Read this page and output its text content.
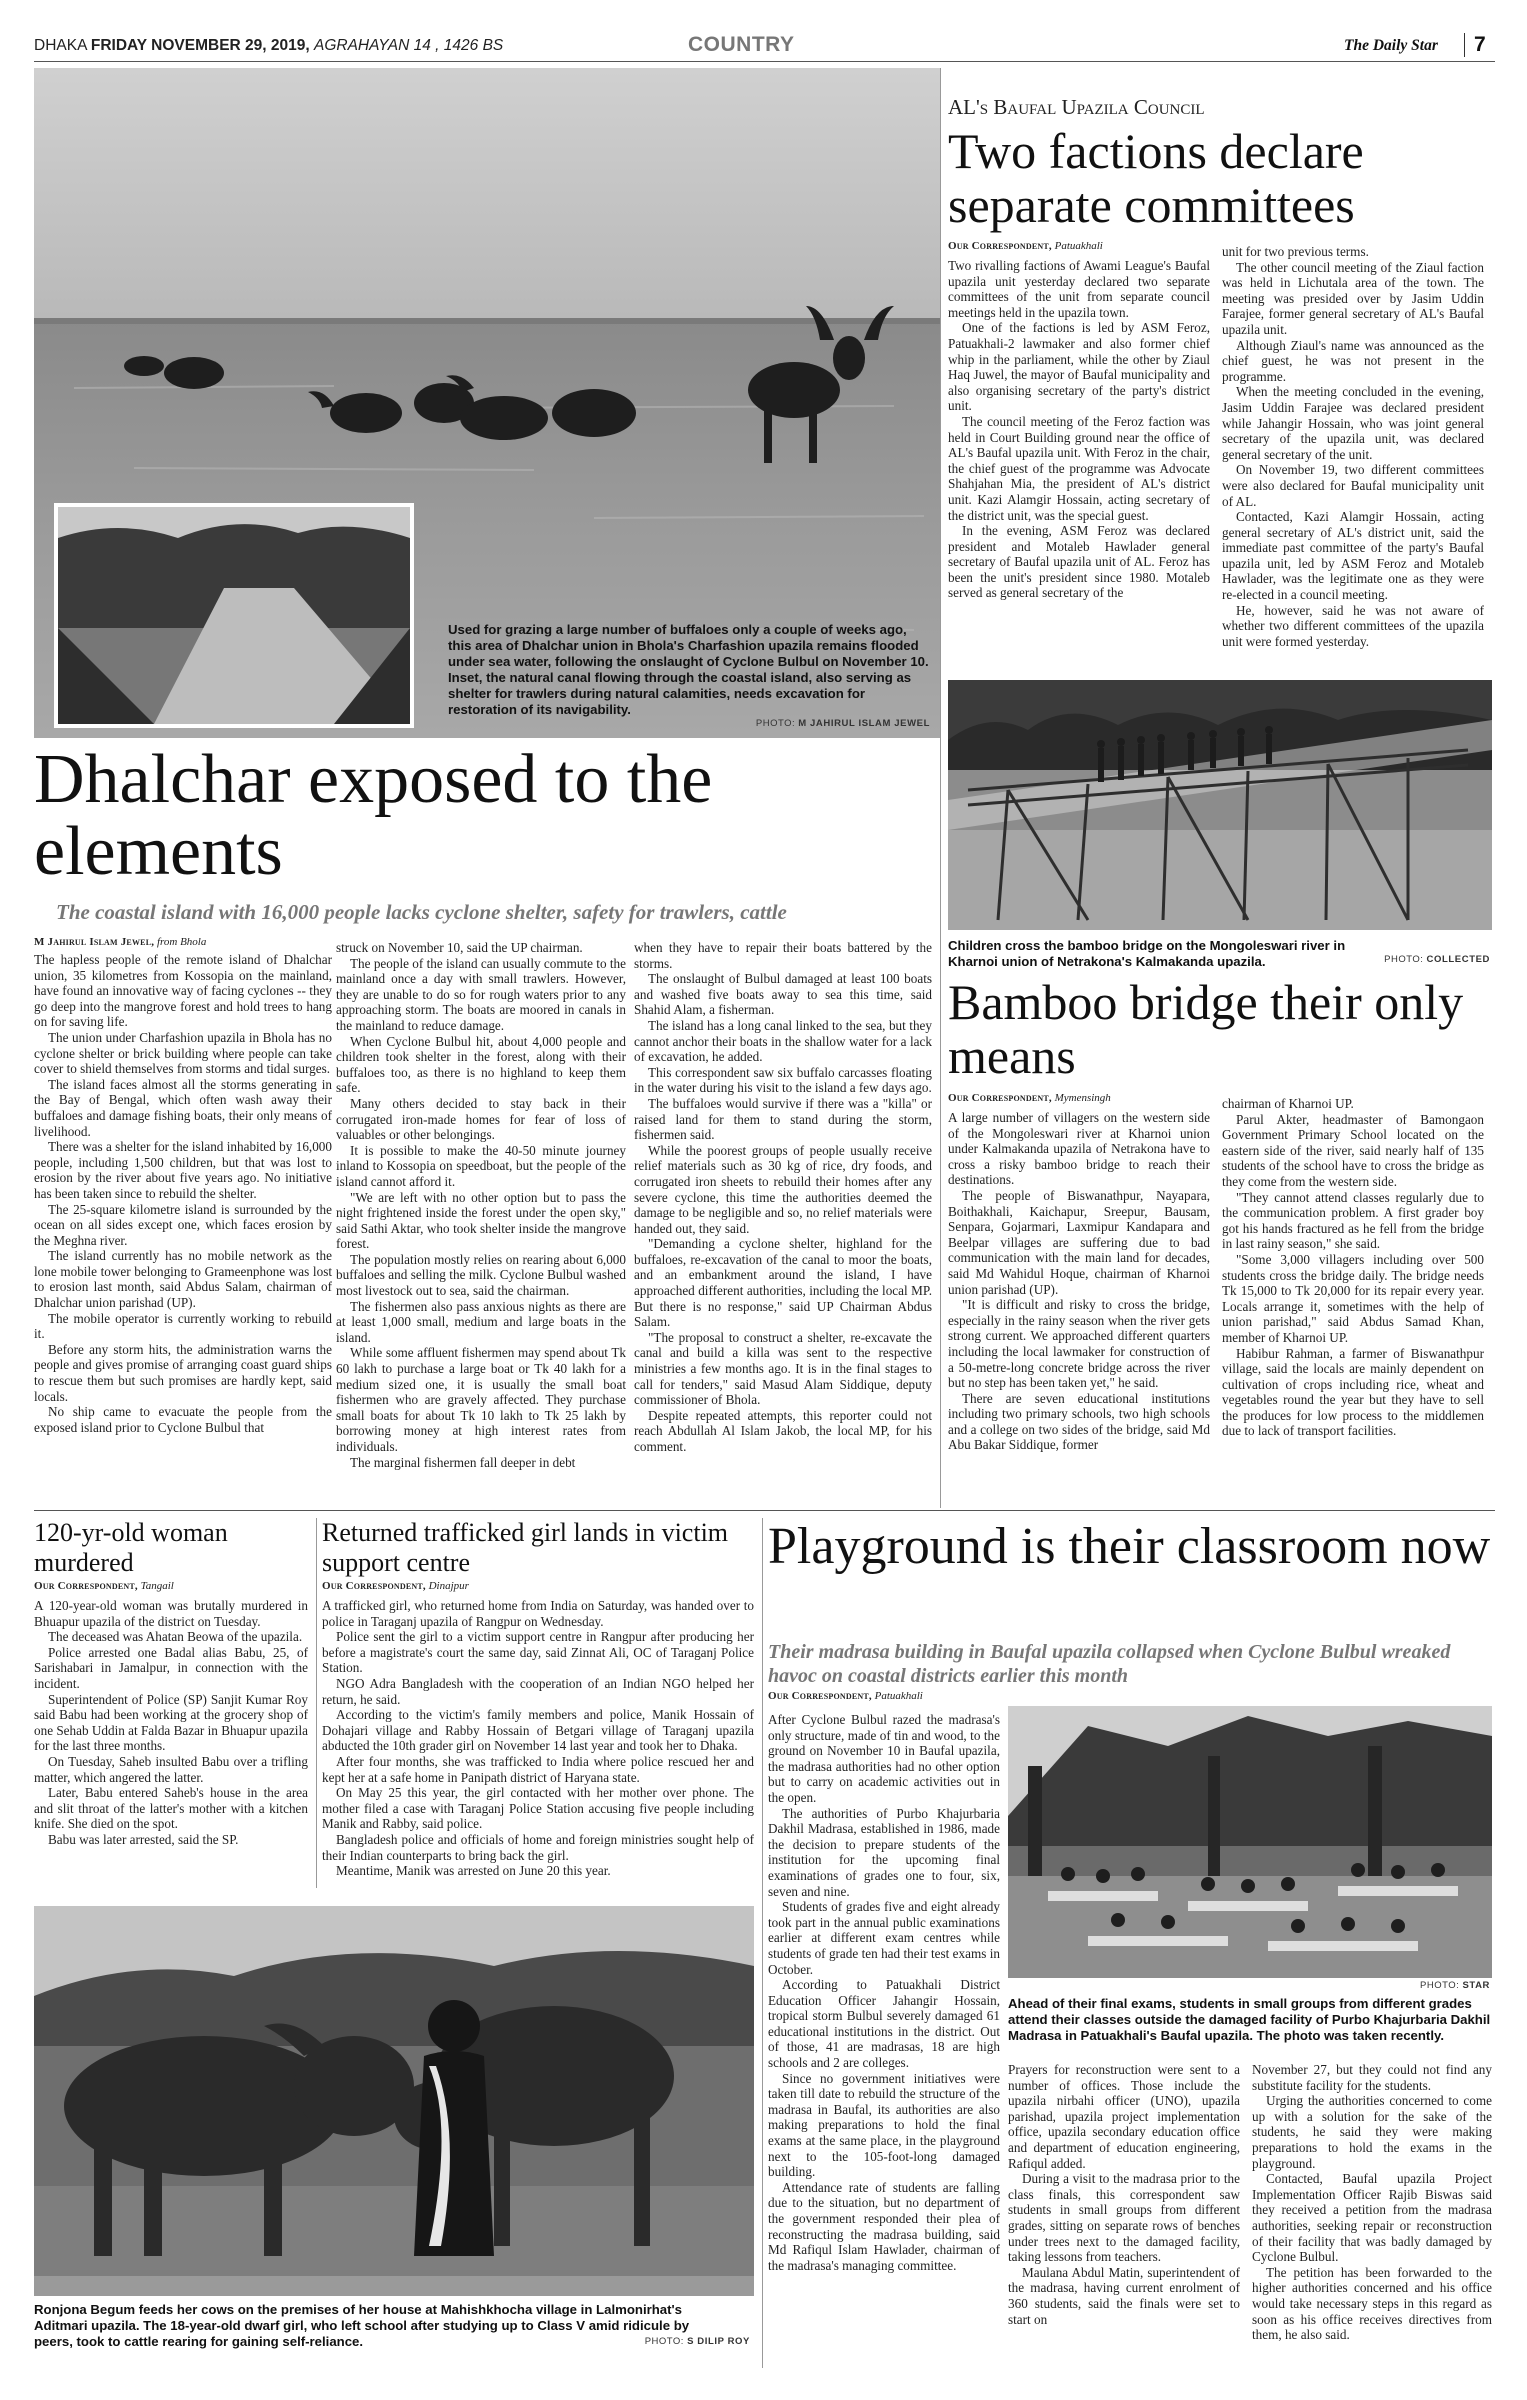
DHAKA FRIDAY NOVEMBER 29, 2019, AGRAHAYAN 14 , 1426 BS	COUNTRY	The Daily Star 7
Used for grazing a large number of buffaloes only a couple of weeks ago, this area of Dhalchar union in Bhola's Charfashion upazila remains flooded under sea water, following the onslaught of Cyclone Bulbul on November 10. Inset, the natural canal flowing through the coastal island, also serving as shelter for trawlers during natural calamities, needs excavation for restoration of its navigability.
PHOTO: M JAHIRUL ISLAM JEWEL
Dhalchar exposed to the elements
The coastal island with 16,000 people lacks cyclone shelter, safety for trawlers, cattle
M Jahirul Islam Jewel, from Bhola

The hapless people of the remote island of Dhalchar union, 35 kilometres from Kossopia on the mainland, have found an innovative way of facing cyclones -- they go deep into the mangrove forest and hold trees to hang on for saving life.

The union under Charfashion upazila in Bhola has no cyclone shelter or brick building where people can take cover to shield themselves from storms and tidal surges.

The island faces almost all the storms generating in the Bay of Bengal, which often wash away their buffaloes and damage fishing boats, their only means of livelihood.

There was a shelter for the island inhabited by 16,000 people, including 1,500 children, but that was lost to erosion by the river about five years ago. No initiative has been taken since to rebuild the shelter.

The 25-square kilometre island is surrounded by the ocean on all sides except one, which faces erosion by the Meghna river.

The island currently has no mobile network as the lone mobile tower belonging to Grameenphone was lost to erosion last month, said Abdus Salam, chairman of Dhalchar union parishad (UP).

The mobile operator is currently working to rebuild it.

Before any storm hits, the administration warns the people and gives promise of arranging coast guard ships to rescue them but such promises are hardly kept, said locals.

No ship came to evacuate the people from the exposed island prior to Cyclone Bulbul that

struck on November 10, said the UP chairman.

The people of the island can usually commute to the mainland once a day with small trawlers. However, they are unable to do so for rough waters prior to any approaching storm. The boats are moored in canals in the mainland to reduce damage.

When Cyclone Bulbul hit, about 4,000 people and children took shelter in the forest, along with their buffaloes too, as there is no highland to keep them safe.

Many others decided to stay back in their corrugated iron-made homes for fear of loss of valuables or other belongings.

It is possible to make the 40-50 minute journey inland to Kossopia on speedboat, but the people of the island cannot afford it.

"We are left with no other option but to pass the night frightened inside the forest under the open sky," said Sathi Aktar, who took shelter inside the mangrove forest.

The population mostly relies on rearing about 6,000 buffaloes and selling the milk. Cyclone Bulbul washed most livestock out to sea, said the chairman.

The fishermen also pass anxious nights as there are at least 1,000 small, medium and large boats in the island.

While some affluent fishermen may spend about Tk 60 lakh to purchase a large boat or Tk 40 lakh for a medium sized one, it is usually the small boat fishermen who are gravely affected. They purchase small boats for about Tk 10 lakh to Tk 25 lakh by borrowing money at high interest rates from individuals.

The marginal fishermen fall deeper in debt

when they have to repair their boats battered by the storms.

The onslaught of Bulbul damaged at least 100 boats and washed five boats away to sea this time, said Shahid Alam, a fisherman.

The island has a long canal linked to the sea, but they cannot anchor their boats in the shallow water for a lack of excavation, he added.

This correspondent saw six buffalo carcasses floating in the water during his visit to the island a few days ago.

The buffaloes would survive if there was a "killa" or raised land for them to stand during the storm, fishermen said.

While the poorest groups of people usually receive relief materials such as 30 kg of rice, dry foods, and corrugated iron sheets to rebuild their homes after any severe cyclone, this time the authorities deemed the damage to be negligible and so, no relief materials were handed out, they said.

"Demanding a cyclone shelter, highland for the buffaloes, re-excavation of the canal to moor the boats, and an embankment around the island, I have approached different authorities, including the local MP. But there is no response," said UP Chairman Abdus Salam.

"The proposal to construct a shelter, re-excavate the canal and build a killa was sent to the respective ministries a few months ago. It is in the final stages to call for tenders," said Masud Alam Siddique, deputy commissioner of Bhola.

Despite repeated attempts, this reporter could not reach Abdullah Al Islam Jakob, the local MP, for his comment.

AL's Baufal Upazila Council
Two factions declare separate committees
Our Correspondent, Patuakhali

Two rivalling factions of Awami League's Baufal upazila unit yesterday declared two separate committees of the unit from separate council meetings held in the upazila town.

One of the factions is led by ASM Feroz, Patuakhali-2 lawmaker and also former chief whip in the parliament, while the other by Ziaul Haq Juwel, the mayor of Baufal municipality and also organising secretary of the party's district unit.

The council meeting of the Feroz faction was held in Court Building ground near the office of AL's Baufal upazila unit. With Feroz in the chair, the chief guest of the programme was Advocate Shahjahan Mia, the president of AL's district unit. Kazi Alamgir Hossain, acting secretary of the district unit, was the special guest.

In the evening, ASM Feroz was declared president and Motaleb Hawlader general secretary of Baufal upazila unit of AL. Feroz has been the unit's president since 1980. Motaleb served as general secretary of the

unit for two previous terms.

The other council meeting of the Ziaul faction was held in Lichutala area of the town. The meeting was presided over by Jasim Uddin Farajee, former general secretary of AL's Baufal upazila unit.

Although Ziaul's name was announced as the chief guest, he was not present in the programme.

When the meeting concluded in the evening, Jasim Uddin Farajee was declared president while Jahangir Hossain, who was joint general secretary of the upazila unit, was declared general secretary of the unit.

On November 19, two different committees were also declared for Baufal municipality unit of AL.

Contacted, Kazi Alamgir Hossain, acting general secretary of AL's district unit, said the immediate past committee of the party's Baufal upazila unit, led by ASM Feroz and Motaleb Hawlader, was the legitimate one as they were re-elected in a council meeting.

He, however, said he was not aware of whether two different committees of the upazila unit were formed yesterday.

Children cross the bamboo bridge on the Mongoleswari river in Kharnoi union of Netrakona's Kalmakanda upazila.	PHOTO: COLLECTED
Bamboo bridge their only means
Our Correspondent, Mymensingh

A large number of villagers on the western side of the Mongoleswari river at Kharnoi union under Kalmakanda upazila of Netrakona have to cross a risky bamboo bridge to reach their destinations.

The people of Biswanathpur, Nayapara, Boithakhali, Kaichapur, Sreepur, Bausam, Senpara, Gojarmari, Laxmipur Kandapara and Beelpar villages are suffering due to bad communication with the main land for decades, said Md Wahidul Hoque, chairman of Kharnoi union parishad (UP).

"It is difficult and risky to cross the bridge, especially in the rainy season when the river gets strong current. We approached different quarters including the local lawmaker for construction of a 50-metre-long concrete bridge across the river but no step has been taken yet," he said.

There are seven educational institutions including two primary schools, two high schools and a college on two sides of the bridge, said Md Abu Bakar Siddique, former

chairman of Kharnoi UP.

Parul Akter, headmaster of Bamongaon Government Primary School located on the eastern side of the river, said nearly half of 135 students of the school have to cross the bridge as they come from the western side.

"They cannot attend classes regularly due to the communication problem. A first grader boy got his hands fractured as he fell from the bridge in last rainy season," she said.

"Some 3,000 villagers including over 500 students cross the bridge daily. The bridge needs Tk 15,000 to Tk 20,000 for its repair every year. Locals arrange it, sometimes with the help of union parishad," said Abdus Samad Khan, member of Kharnoi UP.

Habibur Rahman, a farmer of Biswanathpur village, said the locals are mainly dependent on cultivation of crops including rice, wheat and vegetables round the year but they have to sell the produces for low process to the middlemen due to lack of transport facilities.

120-yr-old woman murdered
Our Correspondent, Tangail

A 120-year-old woman was brutally murdered in Bhuapur upazila of the district on Tuesday.

The deceased was Ahatan Beowa of the upazila.

Police arrested one Badal alias Babu, 25, of Sarishabari in Jamalpur, in connection with the incident.

Superintendent of Police (SP) Sanjit Kumar Roy said Babu had been working at the grocery shop of one Sehab Uddin at Falda Bazar in Bhuapur upazila for the last three months.

On Tuesday, Saheb insulted Babu over a trifling matter, which angered the latter.

Later, Babu entered Saheb's house in the area and slit throat of the latter's mother with a kitchen knife. She died on the spot.

Babu was later arrested, said the SP.

Returned trafficked girl lands in victim support centre
Our Correspondent, Dinajpur

A trafficked girl, who returned home from India on Saturday, was handed over to police in Taraganj upazila of Rangpur on Wednesday.

Police sent the girl to a victim support centre in Rangpur after producing her before a magistrate's court the same day, said Zinnat Ali, OC of Taraganj Police Station.

NGO Adra Bangladesh with the cooperation of an Indian NGO helped her return, he said.

According to the victim's family members and police, Manik Hossain of Dohajari village and Rabby Hossain of Betgari village of Taraganj upazila abducted the 10th grader girl on November 14 last year and took her to Dhaka.

After four months, she was trafficked to India where police rescued her and kept her at a safe home in Panipath district of Haryana state.

On May 25 this year, the girl contacted with her mother over phone. The mother filed a case with Taraganj Police Station accusing five people including Manik and Rabby, said police.

Bangladesh police and officials of home and foreign ministries sought help of their Indian counterparts to bring back the girl.

Meantime, Manik was arrested on June 20 this year.

Ronjona Begum feeds her cows on the premises of her house at Mahishkhocha village in Lalmonirhat's Aditmari upazila. The 18-year-old dwarf girl, who left school after studying up to Class V amid ridicule by peers, took to cattle rearing for gaining self-reliance.	PHOTO: S DILIP ROY
Playground is their classroom now
Their madrasa building in Baufal upazila collapsed when Cyclone Bulbul wreaked havoc on coastal districts earlier this month
Our Correspondent, Patuakhali

After Cyclone Bulbul razed the madrasa's only structure, made of tin and wood, to the ground on November 10 in Baufal upazila, the madrasa authorities had no other option but to carry on academic activities out in the open.

The authorities of Purbo Khajurbaria Dakhil Madrasa, established in 1986, made the decision to prepare students of the institution for the upcoming final examinations of grades one to four, six, seven and nine.

Students of grades five and eight already took part in the annual public examinations earlier at different exam centres while students of grade ten had their test exams in October.

According to Patuakhali District Education Officer Jahangir Hossain, tropical storm Bulbul severely damaged 61 educational institutions in the district. Out of those, 41 are madrasas, 18 are high schools and 2 are colleges.

Since no government initiatives were taken till date to rebuild the structure of the madrasa in Baufal, its authorities are also making preparations to hold the final exams at the same place, in the playground next to the 105-foot-long damaged building.

Attendance rate of students are falling due to the situation, but no department of the government responded their plea of reconstructing the madrasa building, said Md Rafiqul Islam Hawlader, chairman of the madrasa's managing committee.

PHOTO: STAR
Ahead of their final exams, students in small groups from different grades attend their classes outside the damaged facility of Purbo Khajurbaria Dakhil Madrasa in Patuakhali's Baufal upazila. The photo was taken recently.

Prayers for reconstruction were sent to a number of offices. Those include the upazila nirbahi officer (UNO), upazila parishad, upazila project implementation office, upazila secondary education office and department of education engineering, Rafiqul added.

During a visit to the madrasa prior to the class finals, this correspondent saw students in small groups from different grades, sitting on separate rows of benches under trees next to the damaged facility, taking lessons from teachers.

Maulana Abdul Matin, superintendent of the madrasa, having current enrolment of 360 students, said the finals were set to start on

November 27, but they could not find any substitute facility for the students.

Urging the authorities concerned to come up with a solution for the sake of the students, he said they were making preparations to hold the exams in the playground.

Contacted, Baufal upazila Project Implementation Officer Rajib Biswas said they received a petition from the madrasa authorities, seeking repair or reconstruction of their facility that was badly damaged by Cyclone Bulbul.

The petition has been forwarded to the higher authorities concerned and his office would take necessary steps in this regard as soon as his office receives directives from them, he also said.
